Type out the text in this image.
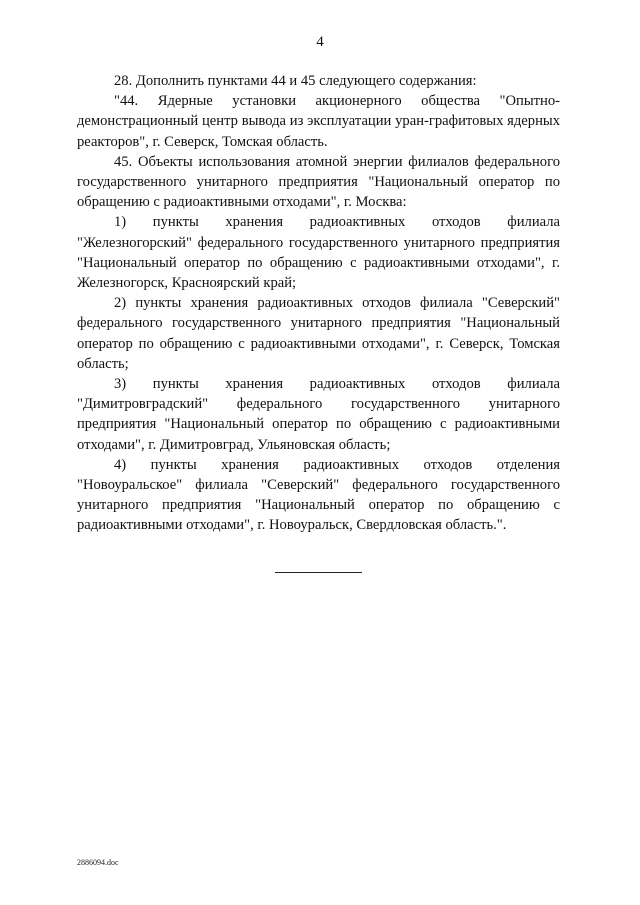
4

28. Дополнить пунктами 44 и 45 следующего содержания:

"44. Ядерные установки акционерного общества "Опытно-демонстрационный центр вывода из эксплуатации уран-графитовых ядерных реакторов", г. Северск, Томская область.

45. Объекты использования атомной энергии филиалов федерального государственного унитарного предприятия "Национальный оператор по обращению с радиоактивными отходами", г. Москва:

1) пункты хранения радиоактивных отходов филиала "Железногорский" федерального государственного унитарного предприятия "Национальный оператор по обращению с радиоактивными отходами", г. Железногорск, Красноярский край;

2) пункты хранения радиоактивных отходов филиала "Северский" федерального государственного унитарного предприятия "Национальный оператор по обращению с радиоактивными отходами", г. Северск, Томская область;

3) пункты хранения радиоактивных отходов филиала "Димитровградский" федерального государственного унитарного предприятия "Национальный оператор по обращению с радиоактивными отходами", г. Димитровград, Ульяновская область;

4) пункты хранения радиоактивных отходов отделения "Новоуральское" филиала "Северский" федерального государственного унитарного предприятия "Национальный оператор по обращению с радиоактивными отходами", г. Новоуральск, Свердловская область.".

2886094.doc
